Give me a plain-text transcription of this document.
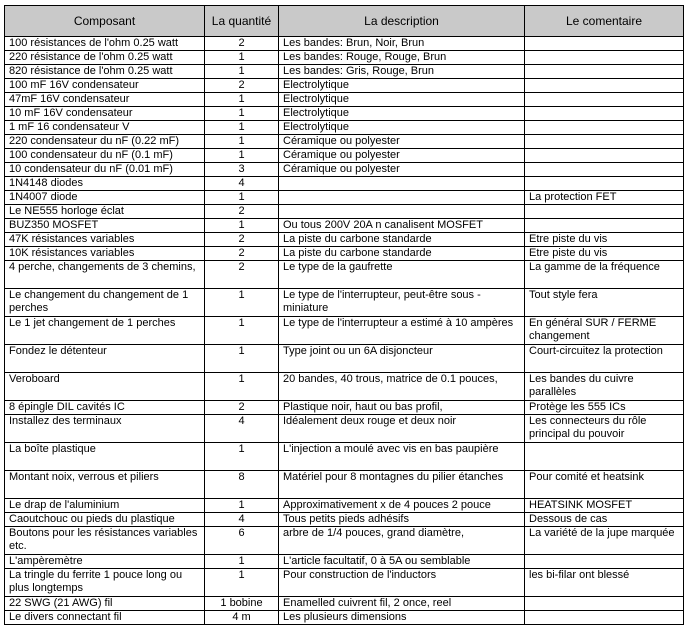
Composant	La quantité	La description	Le comentaire
100 résistances de l'ohm 0.25 watt	2	Les bandes: Brun, Noir, Brun	
220 résistance de l'ohm 0.25 watt	1	Les bandes: Rouge, Rouge, Brun	
820 résistance de l'ohm 0.25 watt	1	Les bandes: Gris, Rouge, Brun	
100 mF 16V condensateur	2	Electrolytique	
47mF 16V condensateur	1	Electrolytique	
10 mF 16V condensateur	1	Electrolytique	
1 mF 16 condensateur V	1	Electrolytique	
220 condensateur du nF (0.22 mF)	1	Céramique ou polyester	
100 condensateur du nF (0.1 mF)	1	Céramique ou polyester	
10 condensateur du nF (0.01 mF)	3	Céramique ou polyester	
1N4148 diodes	4		
1N4007 diode	1		La protection FET
Le NE555 horloge éclat	2		
BUZ350 MOSFET	1	Ou tous 200V 20A n canalisent MOSFET	
47K résistances variables	2	La piste du carbone standarde	Etre piste du vis
10K résistances variables	2	La piste du carbone standarde	Etre piste du vis
4 perche, changements de 3 chemins,	2	Le type de la gaufrette	La gamme de la fréquence
Le changement du changement de 1 perches	1	Le type de l'interrupteur, peut-être sous - miniature	Tout style fera
Le 1 jet changement de 1 perches	1	Le type de l'interrupteur a estimé à 10 ampères	En général SUR / FERME changement
Fondez le détenteur	1	Type joint ou un 6A disjoncteur	Court-circuitez la protection
Veroboard	1	20 bandes, 40 trous, matrice de 0.1 pouces,	Les bandes du cuivre parallèles
8 épingle DIL cavités IC	2	Plastique noir, haut ou bas profil,	Protège les 555 ICs
Installez des terminaux	4	Idéalement deux rouge et deux noir	Les connecteurs du rôle principal du pouvoir
La boîte plastique	1	L'injection a moulé avec vis en bas paupière	
Montant noix, verrous et piliers	8	Matériel pour 8 montagnes du pilier étanches	Pour comité et heatsink
Le drap de l'aluminium	1	Approximativement x de 4 pouces 2 pouce	HEATSINK MOSFET
Caoutchouc ou pieds du plastique	4	Tous petits pieds adhésifs	Dessous de cas
Boutons pour les résistances variables etc.	6	arbre de 1/4 pouces, grand diamètre,	La variété de la jupe marquée
L'ampèremètre	1	L'article facultatif, 0 à 5A ou semblable	
La tringle du ferrite 1 pouce long ou plus longtemps	1	Pour construction de l'inductors	les bi-filar ont blessé
22 SWG (21 AWG) fil	1 bobine	Enamelled cuivrent fil, 2 once, reel	
Le divers connectant fil	4 m	Les plusieurs dimensions	
